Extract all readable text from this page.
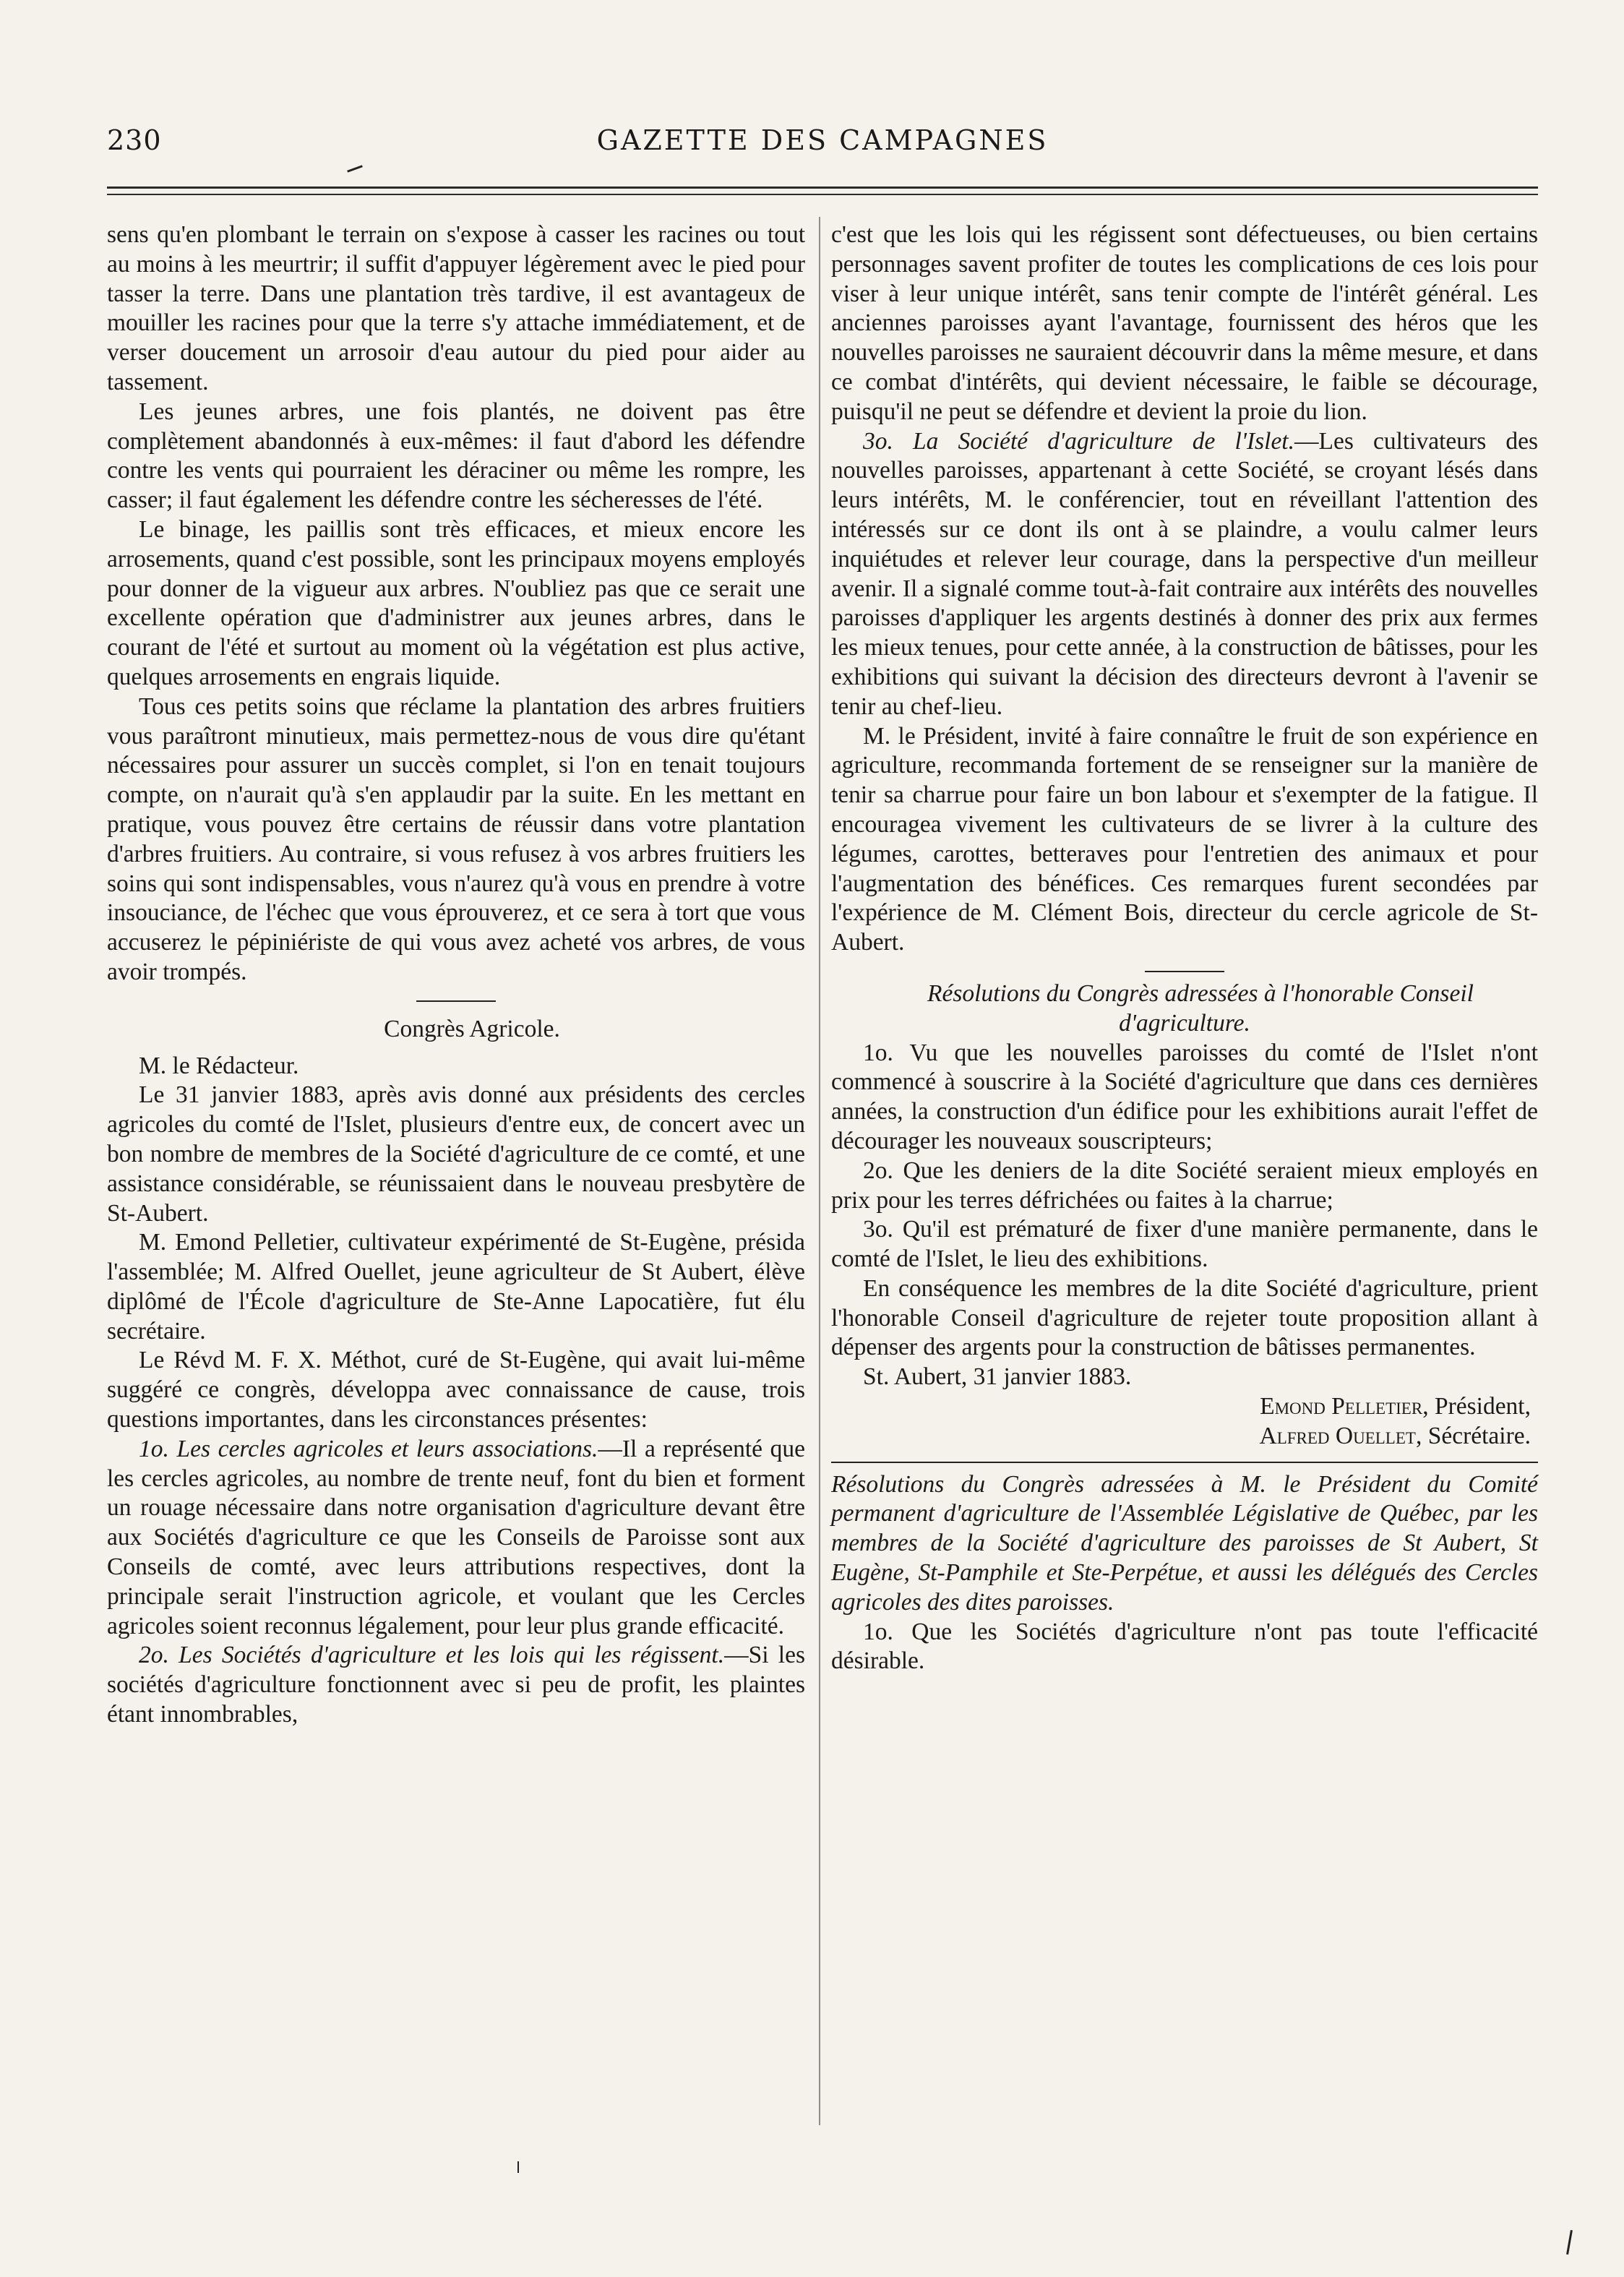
230	GAZETTE DES CAMPAGNES

sens qu'en plombant le terrain on s'expose à casser les racines ou tout au moins à les meurtrir; il suffit d'appuyer légèrement avec le pied pour tasser la terre. Dans une plantation très tardive, il est avantageux de mouiller les racines pour que la terre s'y attache immédiatement, et de verser doucement un arrosoir d'eau autour du pied pour aider au tassement.

Les jeunes arbres, une fois plantés, ne doivent pas être complètement abandonnés à eux-mêmes: il faut d'abord les défendre contre les vents qui pourraient les déraciner ou même les rompre, les casser; il faut également les défendre contre les sécheresses de l'été.

Le binage, les paillis sont très efficaces, et mieux encore les arrosements, quand c'est possible, sont les principaux moyens employés pour donner de la vigueur aux arbres. N'oubliez pas que ce serait une excellente opération que d'administrer aux jeunes arbres, dans le courant de l'été et surtout au moment où la végétation est plus active, quelques arrosements en engrais liquide.

Tous ces petits soins que réclame la plantation des arbres fruitiers vous paraîtront minutieux, mais permettez-nous de vous dire qu'étant nécessaires pour assurer un succès complet, si l'on en tenait toujours compte, on n'aurait qu'à s'en applaudir par la suite. En les mettant en pratique, vous pouvez être certains de réussir dans votre plantation d'arbres fruitiers. Au contraire, si vous refusez à vos arbres fruitiers les soins qui sont indispensables, vous n'aurez qu'à vous en prendre à votre insouciance, de l'échec que vous éprouverez, et ce sera à tort que vous accuserez le pépiniériste de qui vous avez acheté vos arbres, de vous avoir trompés.

Congrès Agricole.

M. le Rédacteur.

Le 31 janvier 1883, après avis donné aux présidents des cercles agricoles du comté de l'Islet, plusieurs d'entre eux, de concert avec un bon nombre de membres de la Société d'agriculture de ce comté, et une assistance considérable, se réunissaient dans le nouveau presbytère de St-Aubert.

M. Emond Pelletier, cultivateur expérimenté de St-Eugène, présida l'assemblée; M. Alfred Ouellet, jeune agriculteur de St Aubert, élève diplômé de l'École d'agriculture de Ste-Anne Lapocatière, fut élu secrétaire.

Le Révd M. F. X. Méthot, curé de St-Eugène, qui avait lui-même suggéré ce congrès, développa avec connaissance de cause, trois questions importantes, dans les circonstances présentes:

1o. Les cercles agricoles et leurs associations.—Il a représenté que les cercles agricoles, au nombre de trente neuf, font du bien et forment un rouage nécessaire dans notre organisation d'agriculture devant être aux Sociétés d'agriculture ce que les Conseils de Paroisse sont aux Conseils de comté, avec leurs attributions respectives, dont la principale serait l'instruction agricole, et voulant que les Cercles agricoles soient reconnus légalement, pour leur plus grande efficacité.

2o. Les Sociétés d'agriculture et les lois qui les régissent.—Si les sociétés d'agriculture fonctionnent avec si peu de profit, les plaintes étant innombrables,

c'est que les lois qui les régissent sont défectueuses, ou bien certains personnages savent profiter de toutes les complications de ces lois pour viser à leur unique intérêt, sans tenir compte de l'intérêt général. Les anciennes paroisses ayant l'avantage, fournissent des héros que les nouvelles paroisses ne sauraient découvrir dans la même mesure, et dans ce combat d'intérêts, qui devient nécessaire, le faible se décourage, puisqu'il ne peut se défendre et devient la proie du lion.

3o. La Société d'agriculture de l'Islet.—Les cultivateurs des nouvelles paroisses, appartenant à cette Société, se croyant lésés dans leurs intérêts, M. le conférencier, tout en réveillant l'attention des intéressés sur ce dont ils ont à se plaindre, a voulu calmer leurs inquiétudes et relever leur courage, dans la perspective d'un meilleur avenir. Il a signalé comme tout-à-fait contraire aux intérêts des nouvelles paroisses d'appliquer les argents destinés à donner des prix aux fermes les mieux tenues, pour cette année, à la construction de bâtisses, pour les exhibitions qui suivant la décision des directeurs devront à l'avenir se tenir au chef-lieu.

M. le Président, invité à faire connaître le fruit de son expérience en agriculture, recommanda fortement de se renseigner sur la manière de tenir sa charrue pour faire un bon labour et s'exempter de la fatigue. Il encouragea vivement les cultivateurs de se livrer à la culture des légumes, carottes, betteraves pour l'entretien des animaux et pour l'augmentation des bénéfices. Ces remarques furent secondées par l'expérience de M. Clément Bois, directeur du cercle agricole de St-Aubert.

Résolutions du Congrès adressées à l'honorable Conseil d'agriculture.

1o. Vu que les nouvelles paroisses du comté de l'Islet n'ont commencé à souscrire à la Société d'agriculture que dans ces dernières années, la construction d'un édifice pour les exhibitions aurait l'effet de décourager les nouveaux souscripteurs;

2o. Que les deniers de la dite Société seraient mieux employés en prix pour les terres défrichées ou faites à la charrue;

3o. Qu'il est prématuré de fixer d'une manière permanente, dans le comté de l'Islet, le lieu des exhibitions.

En conséquence les membres de la dite Société d'agriculture, prient l'honorable Conseil d'agriculture de rejeter toute proposition allant à dépenser des argents pour la construction de bâtisses permanentes.

St. Aubert, 31 janvier 1883.

Emond Pelletier, Président,

Alfred Ouellet, Sécrétaire.

Résolutions du Congrès adressées à M. le Président du Comité permanent d'agriculture de l'Assemblée Législative de Québec, par les membres de la Société d'agriculture des paroisses de St Aubert, St Eugène, St-Pamphile et Ste-Perpétue, et aussi les délégués des Cercles agricoles des dites paroisses.

1o. Que les Sociétés d'agriculture n'ont pas toute l'efficacité désirable.
